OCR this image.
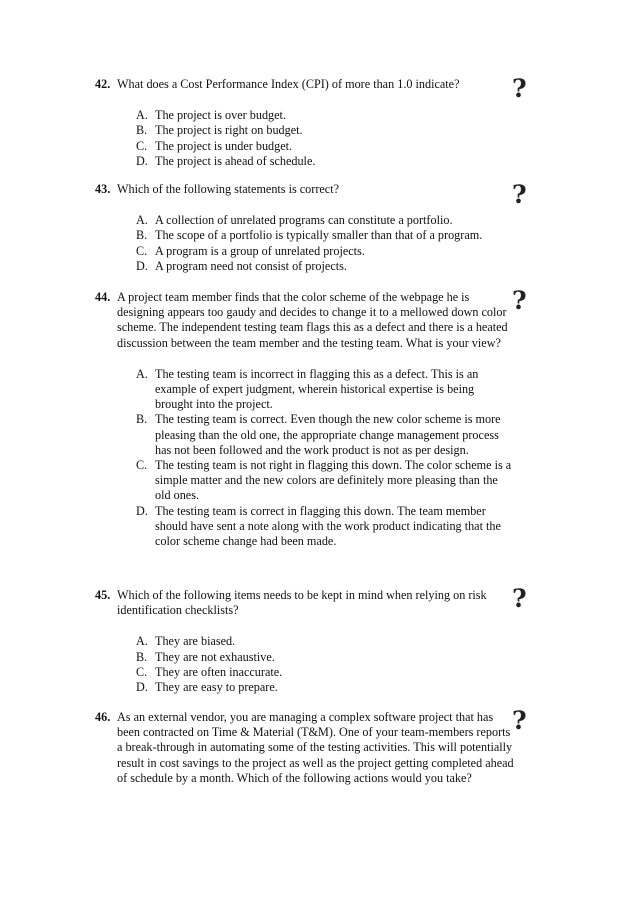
42. What does a Cost Performance Index (CPI) of more than 1.0 indicate?
A. The project is over budget.
B. The project is right on budget.
C. The project is under budget.
D. The project is ahead of schedule.
?
43. Which of the following statements is correct?
A. A collection of unrelated programs can constitute a portfolio.
B. The scope of a portfolio is typically smaller than that of a program.
C. A program is a group of unrelated projects.
D. A program need not consist of projects.
?
44. A project team member finds that the color scheme of the webpage he is designing appears too gaudy and decides to change it to a mellowed down color scheme. The independent testing team flags this as a defect and there is a heated discussion between the team member and the testing team. What is your view?
A. The testing team is incorrect in flagging this as a defect. This is an example of expert judgment, wherein historical expertise is being brought into the project.
B. The testing team is correct. Even though the new color scheme is more pleasing than the old one, the appropriate change management process has not been followed and the work product is not as per design.
C. The testing team is not right in flagging this down. The color scheme is a simple matter and the new colors are definitely more pleasing than the old ones.
D. The testing team is correct in flagging this down. The team member should have sent a note along with the work product indicating that the color scheme change had been made.
?
45. Which of the following items needs to be kept in mind when relying on risk identification checklists?
A. They are biased.
B. They are not exhaustive.
C. They are often inaccurate.
D. They are easy to prepare.
?
46. As an external vendor, you are managing a complex software project that has been contracted on Time & Material (T&M). One of your team-members reports a break-through in automating some of the testing activities. This will potentially result in cost savings to the project as well as the project getting completed ahead of schedule by a month. Which of the following actions would you take?
?
